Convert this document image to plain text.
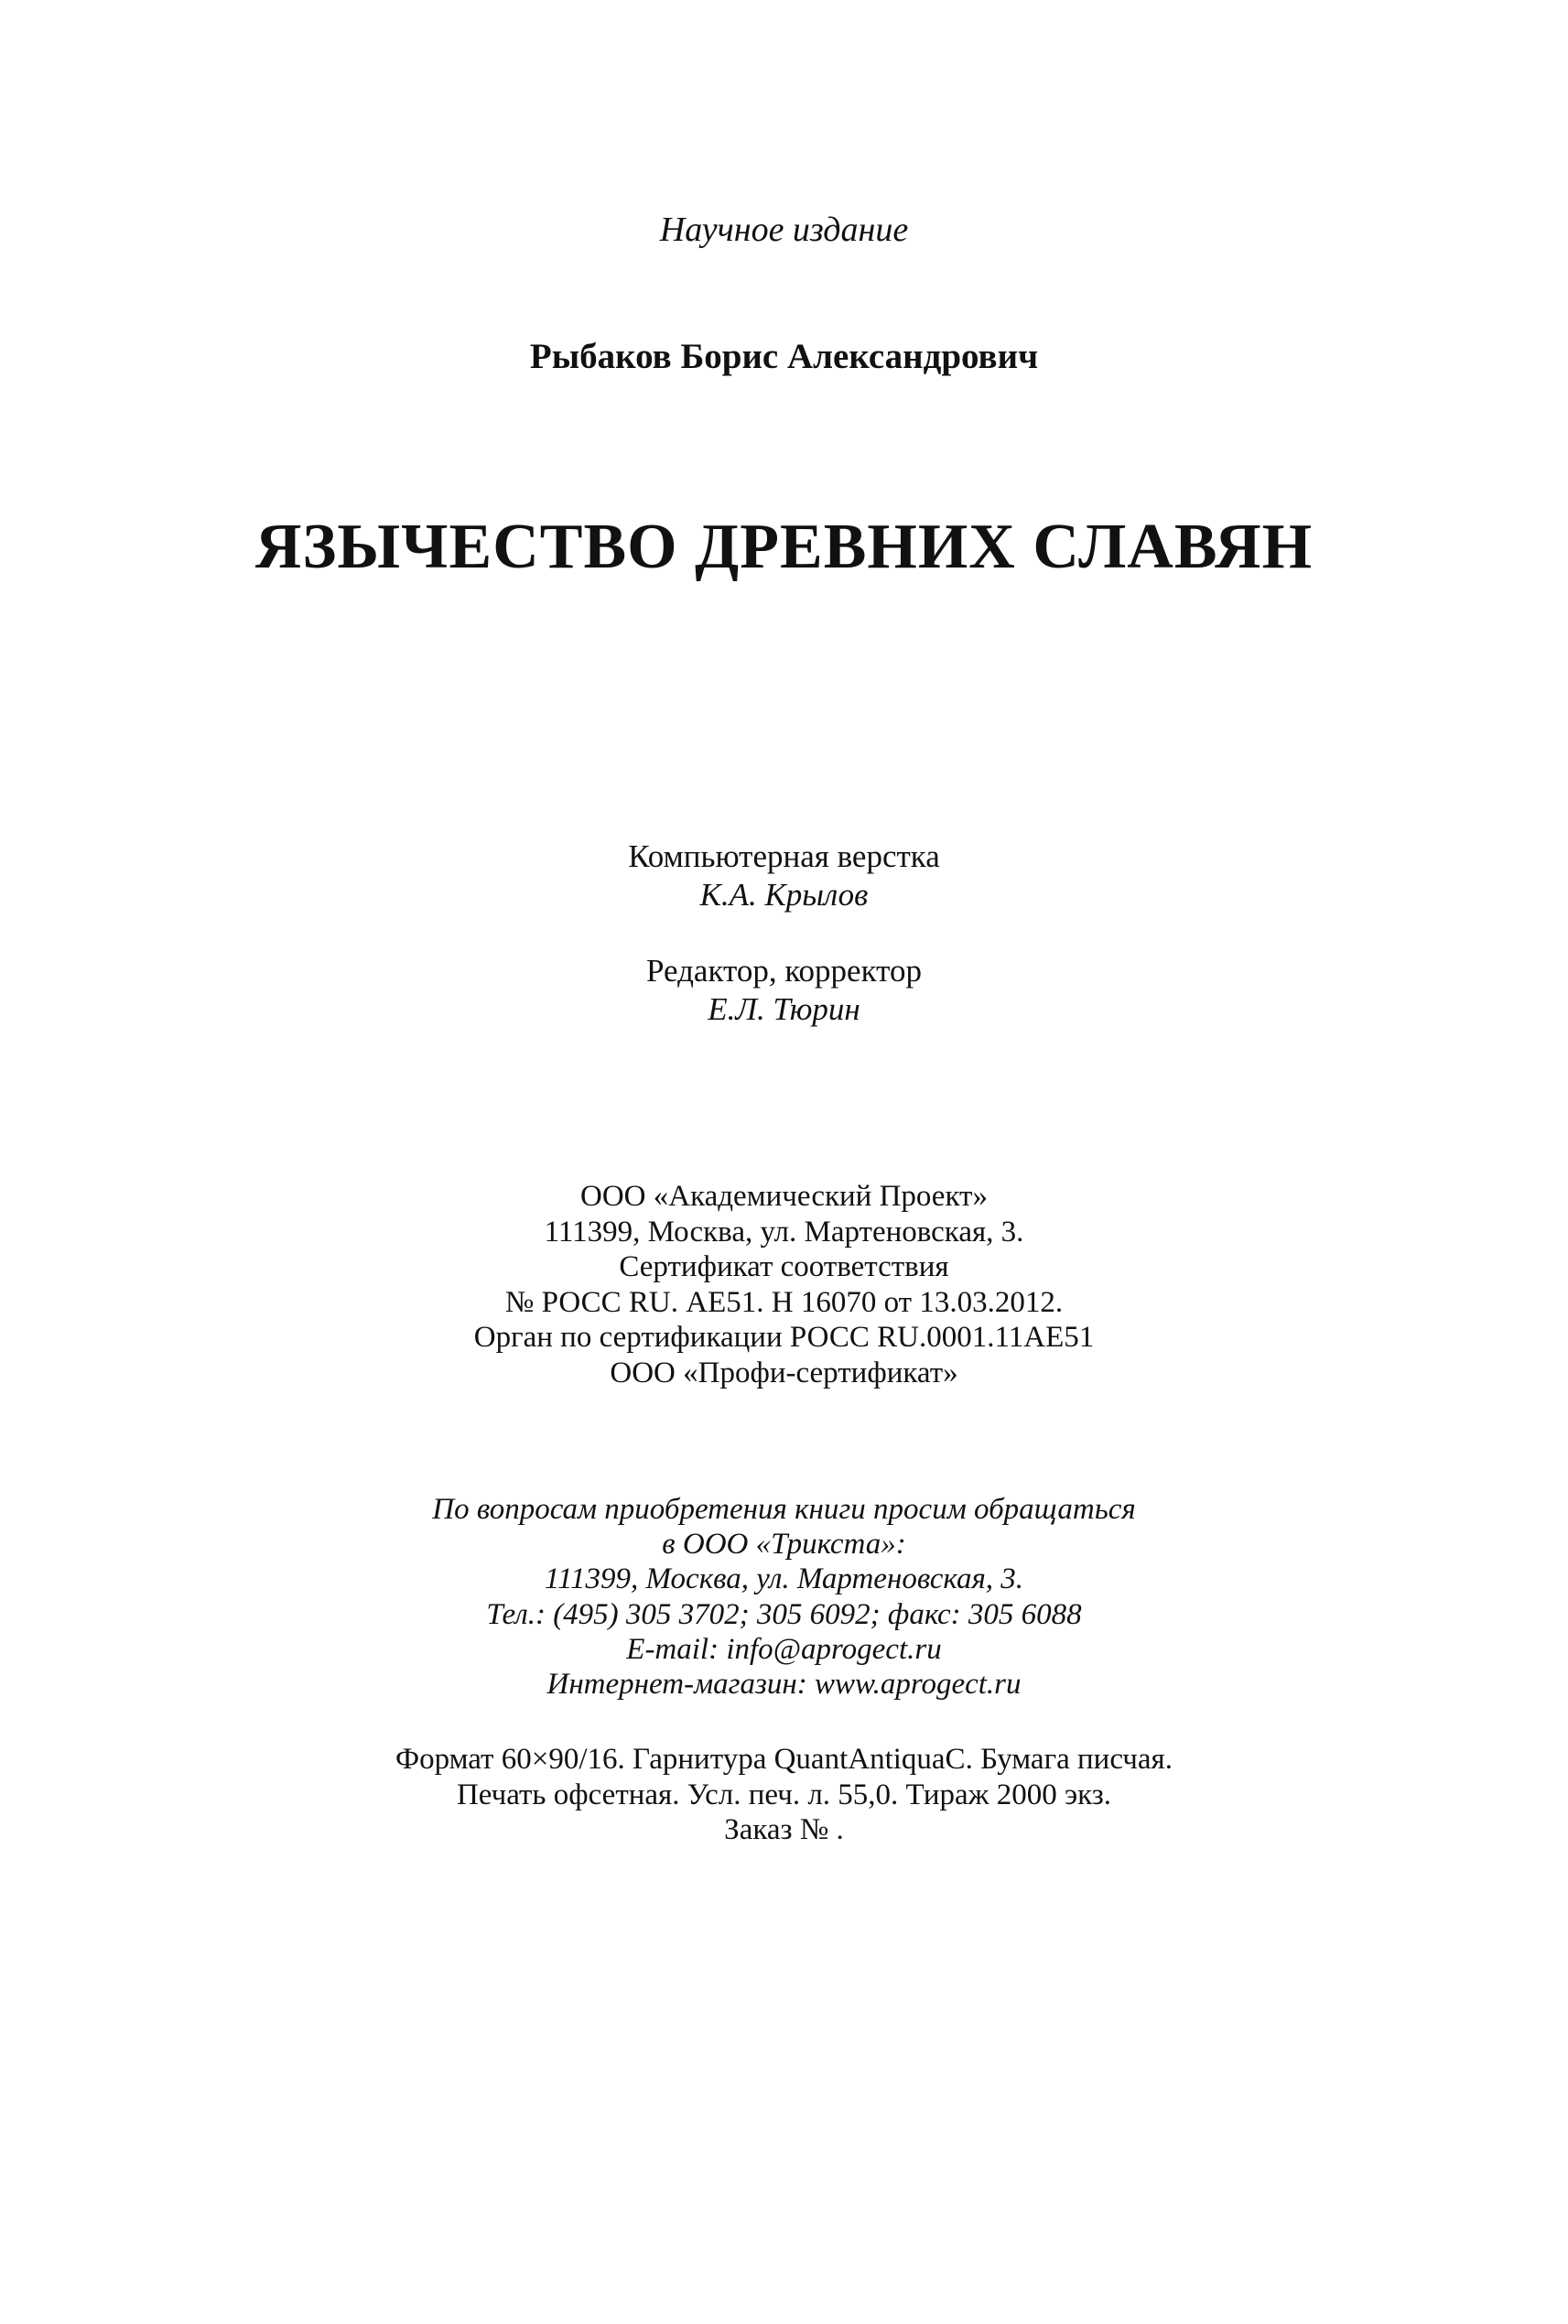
Научное издание
Рыбаков Борис Александрович
ЯЗЫЧЕСТВО ДРЕВНИХ СЛАВЯН
Компьютерная верстка
К.А. Крылов
Редактор, корректор
Е.Л. Тюрин
ООО «Академический Проект»
111399, Москва, ул. Мартеновская, 3.
Сертификат соответствия
№ РОСС RU. АЕ51. Н 16070 от 13.03.2012.
Орган по сертификации РОСС RU.0001.11АЕ51
ООО «Профи-сертификат»
По вопросам приобретения книги просим обращаться
в ООО «Трикста»:
111399, Москва, ул. Мартеновская, 3.
Тел.: (495) 305 3702; 305 6092; факс: 305 6088
E-mail: info@aprogect.ru
Интернет-магазин: www.aprogect.ru
Формат 60×90/16. Гарнитура QuantAntiquaC. Бумага писчая.
Печать офсетная. Усл. печ. л. 55,0. Тираж 2000 экз.
Заказ № .
